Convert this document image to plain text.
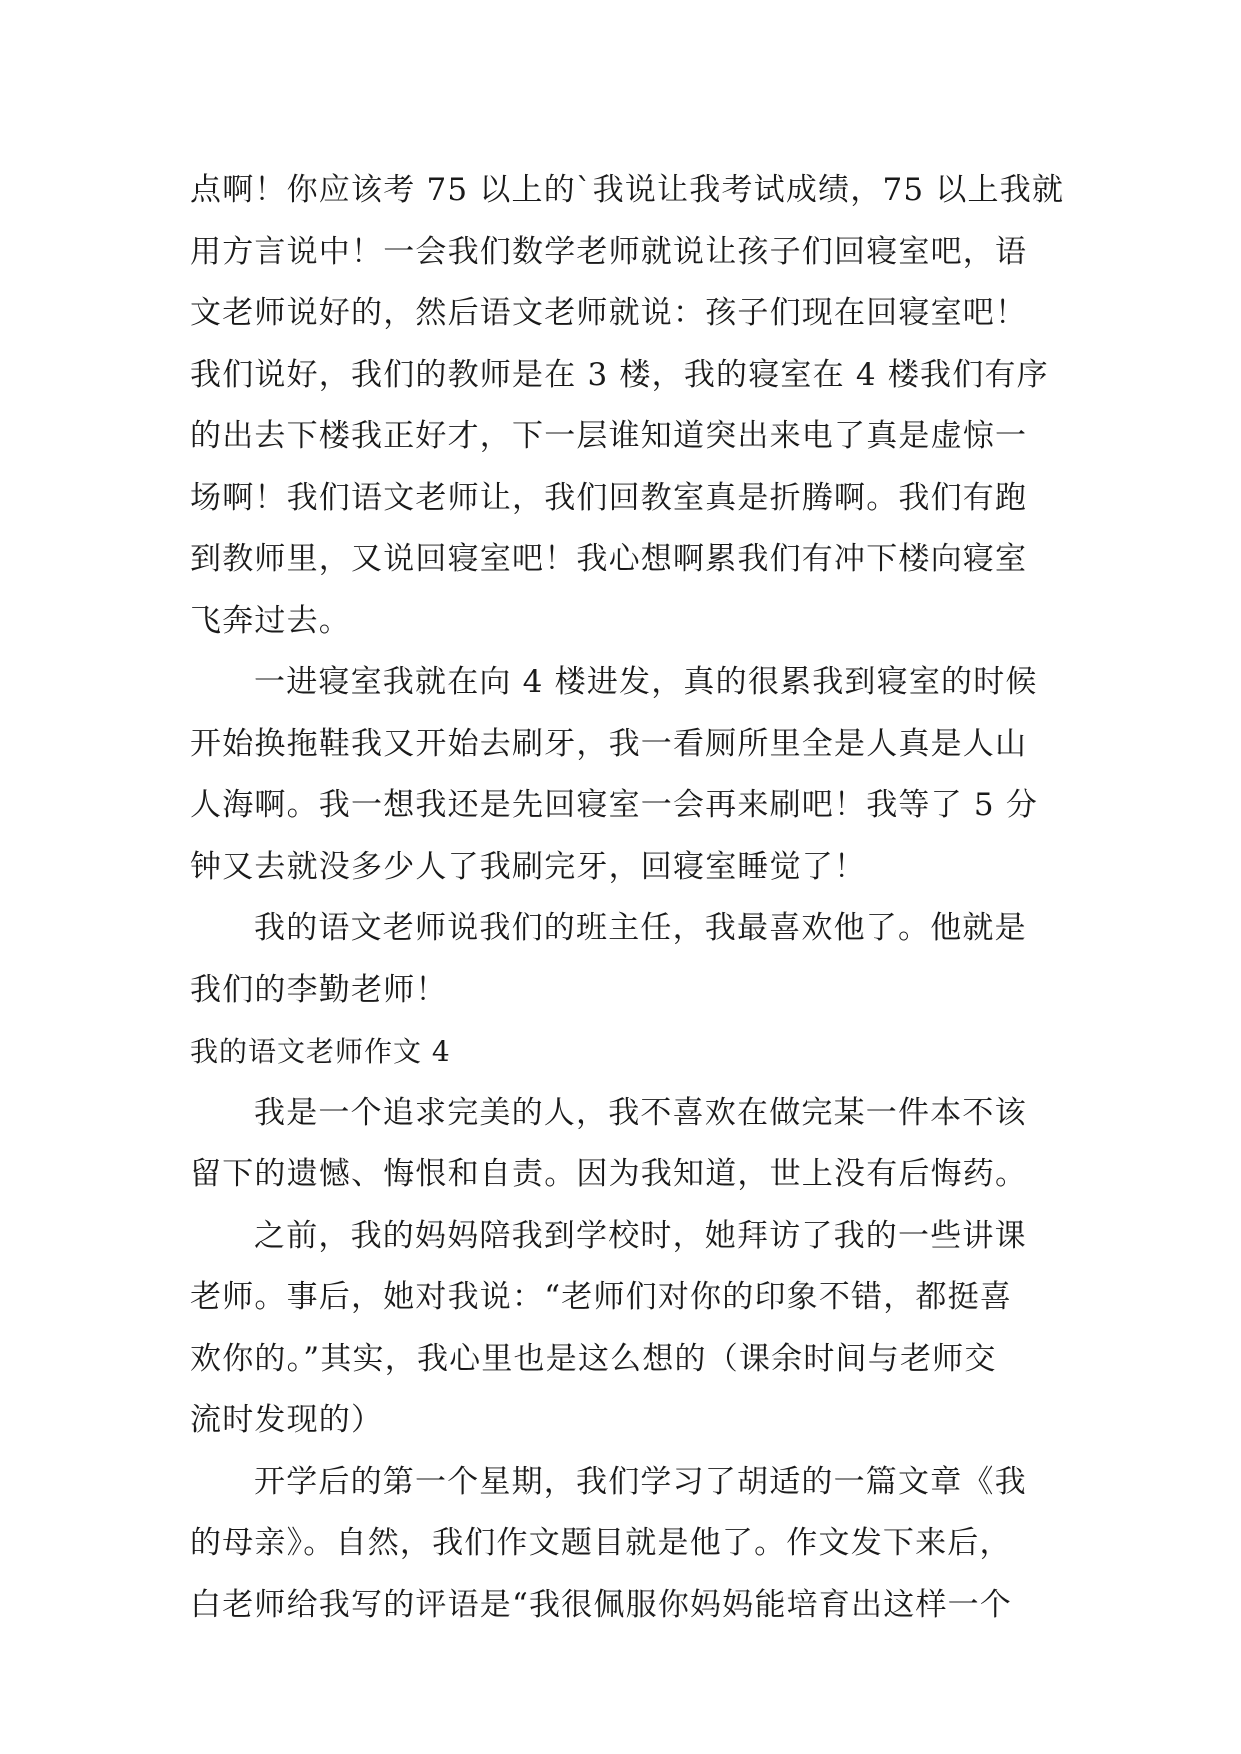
点啊！你应该考 75 以上的`我说让我考试成绩，75 以上我就
用方言说中！一会我们数学老师就说让孩子们回寝室吧，语
文老师说好的，然后语文老师就说：孩子们现在回寝室吧！
我们说好，我们的教师是在 3 楼，我的寝室在 4 楼我们有序
的出去下楼我正好才，下一层谁知道突出来电了真是虚惊一
场啊！我们语文老师让，我们回教室真是折腾啊。我们有跑
到教师里，又说回寝室吧！我心想啊累我们有冲下楼向寝室
飞奔过去。

一进寝室我就在向 4 楼进发，真的很累我到寝室的时候
开始换拖鞋我又开始去刷牙，我一看厕所里全是人真是人山
人海啊。我一想我还是先回寝室一会再来刷吧！我等了 5 分
钟又去就没多少人了我刷完牙，回寝室睡觉了！

我的语文老师说我们的班主任，我最喜欢他了。他就是
我们的李勤老师！

我的语文老师作文 4

我是一个追求完美的人，我不喜欢在做完某一件本不该
留下的遗憾、悔恨和自责。因为我知道，世上没有后悔药。

之前，我的妈妈陪我到学校时，她拜访了我的一些讲课
老师。事后，她对我说：“老师们对你的印象不错，都挺喜
欢你的。”其实，我心里也是这么想的（课余时间与老师交
流时发现的）

开学后的第一个星期，我们学习了胡适的一篇文章《我
的母亲》。自然，我们作文题目就是他了。作文发下来后，
白老师给我写的评语是“我很佩服你妈妈能培育出这样一个
